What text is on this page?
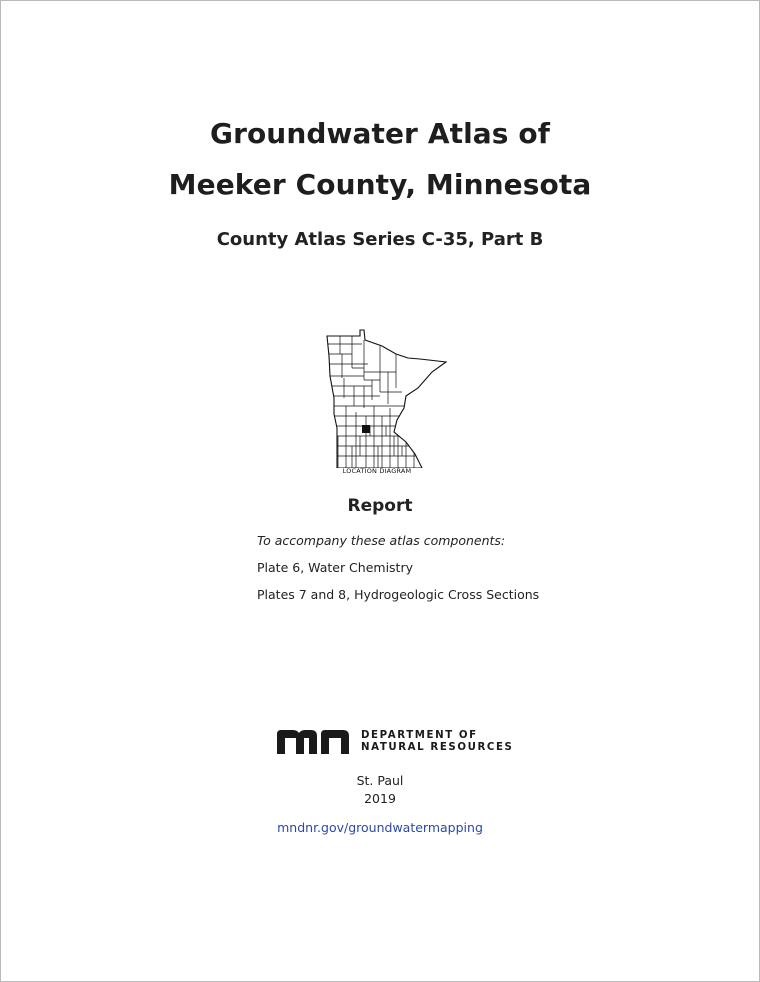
Groundwater Atlas of
Meeker County, Minnesota
County Atlas Series C-35, Part B
LOCATION DIAGRAM
Report
To accompany these atlas components:
Plate 6, Water Chemistry
Plates 7 and 8, Hydrogeologic Cross Sections
DEPARTMENT OF
NATURAL RESOURCES
St. Paul
2019
mndnr.gov/groundwatermapping
